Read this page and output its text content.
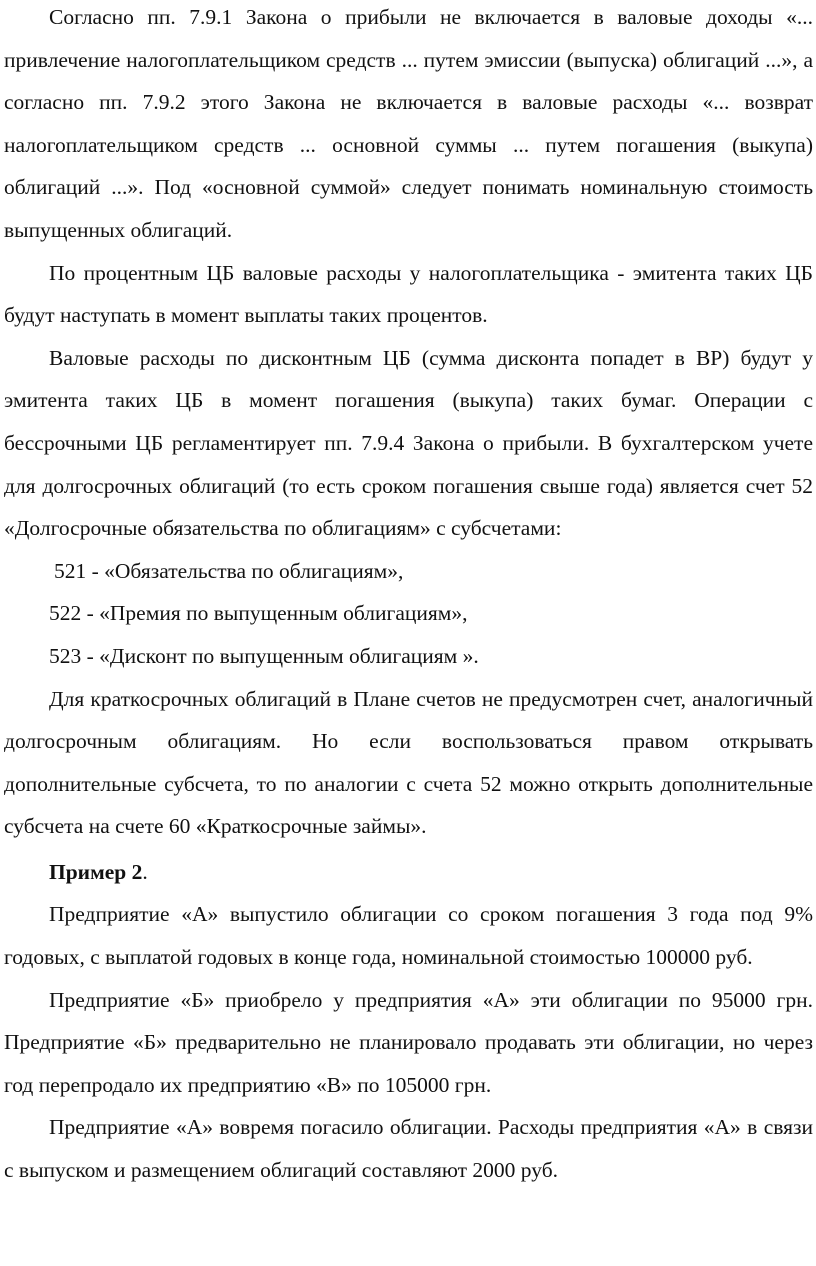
Согласно пп. 7.9.1 Закона о прибыли не включается в валовые доходы «... привлечение налогоплательщиком средств ... путем эмиссии (выпуска) облигаций ...», а согласно пп. 7.9.2 этого Закона не включается в валовые расходы «... возврат налогоплательщиком средств ... основной суммы ... путем погашения (выкупа) облигаций ...». Под «основной суммой» следует понимать номинальную стоимость выпущенных облигаций.

По процентным ЦБ валовые расходы у налогоплательщика - эмитента таких ЦБ будут наступать в момент выплаты таких процентов.

Валовые расходы по дисконтным ЦБ (сумма дисконта попадет в ВР) будут у эмитента таких ЦБ в момент погашения (выкупа) таких бумаг. Операции с бессрочными ЦБ регламентирует пп. 7.9.4 Закона о прибыли. В бухгалтерском учете для долгосрочных облигаций (то есть сроком погашения свыше года) является счет 52 «Долгосрочные обязательства по облигациям» с субсчетами:

521 - «Обязательства по облигациям»,

522 - «Премия по выпущенным облигациям»,

523 - «Дисконт по выпущенным облигациям ».

Для краткосрочных облигаций в Плане счетов не предусмотрен счет, аналогичный долгосрочным облигациям. Но если воспользоваться правом открывать дополнительные субсчета, то по аналогии с счета 52 можно открыть дополнительные субсчета на счете 60 «Краткосрочные займы».

Пример 2.

Предприятие «А» выпустило облигации со сроком погашения 3 года под 9% годовых, с выплатой годовых в конце года, номинальной стоимостью 100000 руб.

Предприятие «Б» приобрело у предприятия «А» эти облигации по 95000 грн. Предприятие «Б» предварительно не планировало продавать эти облигации, но через год перепродало их предприятию «В» по 105000 грн.

Предприятие «А» вовремя погасило облигации. Расходы предприятия «А» в связи с выпуском и размещением облигаций составляют 2000 руб.
